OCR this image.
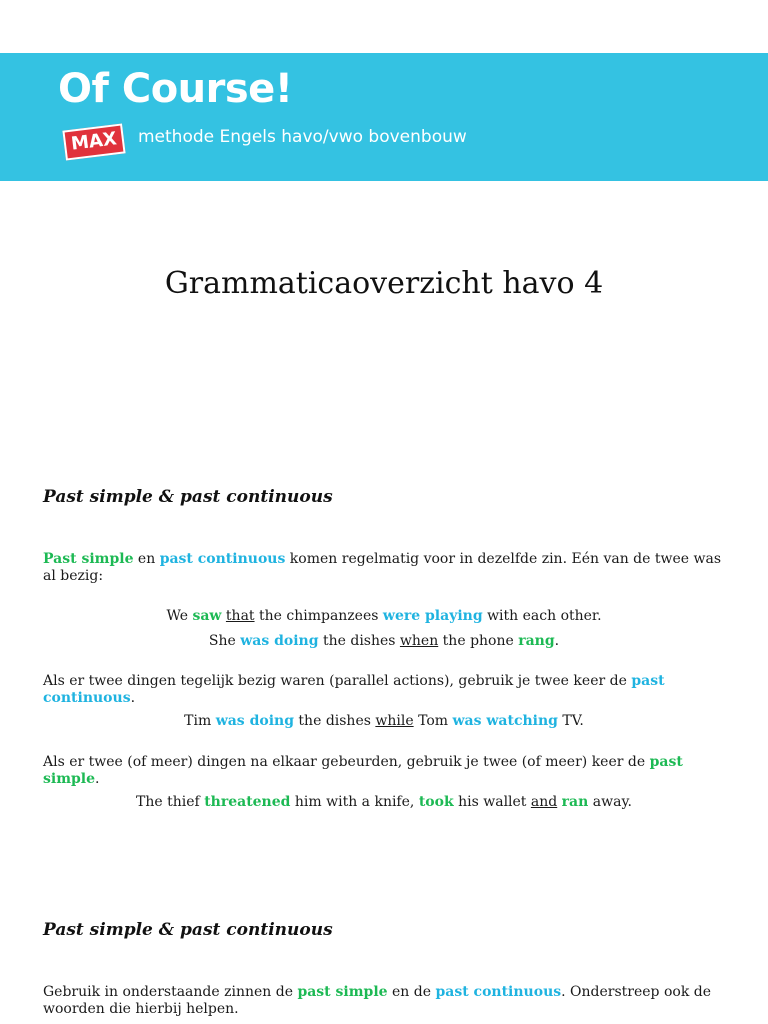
Of Course!
MAX	methode Engels havo/vwo bovenbouw
Grammaticaoverzicht havo 4
Past simple & past continuous
Past simple en past continuous komen regelmatig voor in dezelfde zin. Eén van de twee was al bezig:
We saw that the chimpanzees were playing with each other.
She was doing the dishes when the phone rang.
Als er twee dingen tegelijk bezig waren (parallel actions), gebruik je twee keer de past continuous.
Tim was doing the dishes while Tom was watching TV.
Als er twee (of meer) dingen na elkaar gebeurden, gebruik je twee (of meer) keer de past simple.
The thief threatened him with a knife, took his wallet and ran away.
Past simple & past continuous
Gebruik in onderstaande zinnen de past simple en de past continuous. Onderstreep ook de woorden die hierbij helpen.
